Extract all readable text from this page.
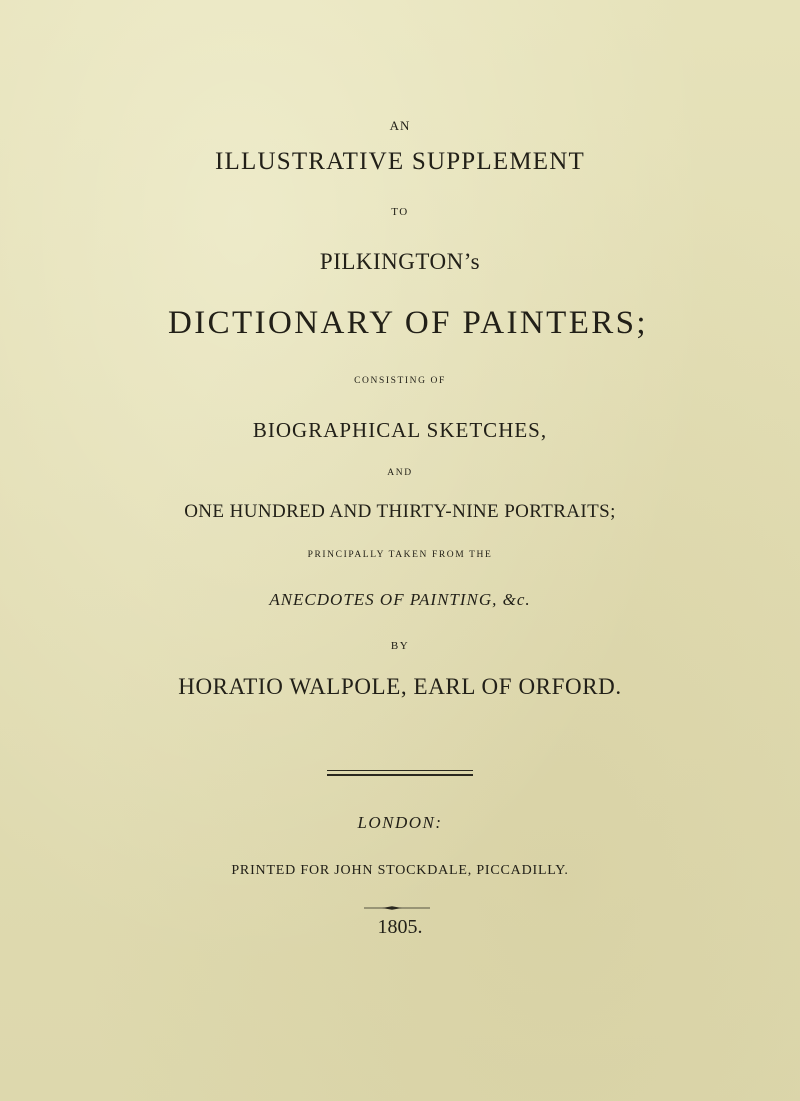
AN
ILLUSTRATIVE SUPPLEMENT
TO
PILKINGTON’s
DICTIONARY OF PAINTERS;
CONSISTING OF
BIOGRAPHICAL SKETCHES,
AND
ONE HUNDRED AND THIRTY-NINE PORTRAITS;
PRINCIPALLY TAKEN FROM THE
ANECDOTES OF PAINTING, &c.
BY
HORATIO WALPOLE, EARL OF ORFORD.
LONDON:
PRINTED FOR JOHN STOCKDALE, PICCADILLY.
1805.
